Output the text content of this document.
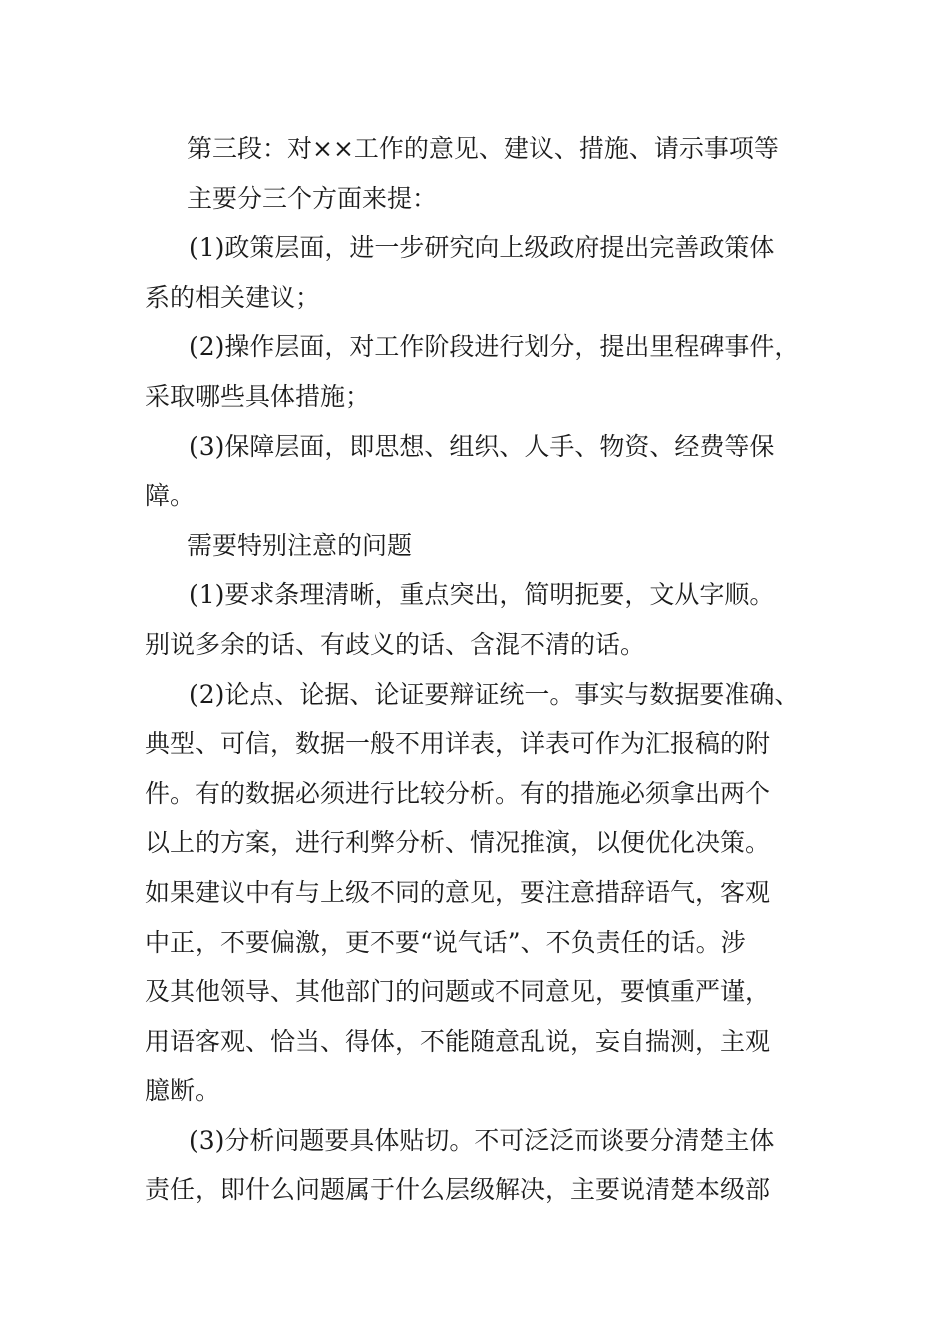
第三段：对××工作的意见、建议、措施、请示事项等
主要分三个方面来提：
(1)政策层面，进一步研究向上级政府提出完善政策体
系的相关建议；
(2)操作层面，对工作阶段进行划分，提出里程碑事件，
采取哪些具体措施；
(3)保障层面，即思想、组织、人手、物资、经费等保
障。
需要特别注意的问题
(1)要求条理清晰，重点突出，简明扼要，文从字顺。
别说多余的话、有歧义的话、含混不清的话。
(2)论点、论据、论证要辩证统一。事实与数据要准确、
典型、可信，数据一般不用详表，详表可作为汇报稿的附
件。有的数据必须进行比较分析。有的措施必须拿出两个
以上的方案，进行利弊分析、情况推演，以便优化决策。
如果建议中有与上级不同的意见，要注意措辞语气，客观
中正，不要偏激，更不要“说气话”、不负责任的话。涉
及其他领导、其他部门的问题或不同意见，要慎重严谨，
用语客观、恰当、得体，不能随意乱说，妄自揣测，主观
臆断。
(3)分析问题要具体贴切。不可泛泛而谈要分清楚主体
责任，即什么问题属于什么层级解决，主要说清楚本级部
